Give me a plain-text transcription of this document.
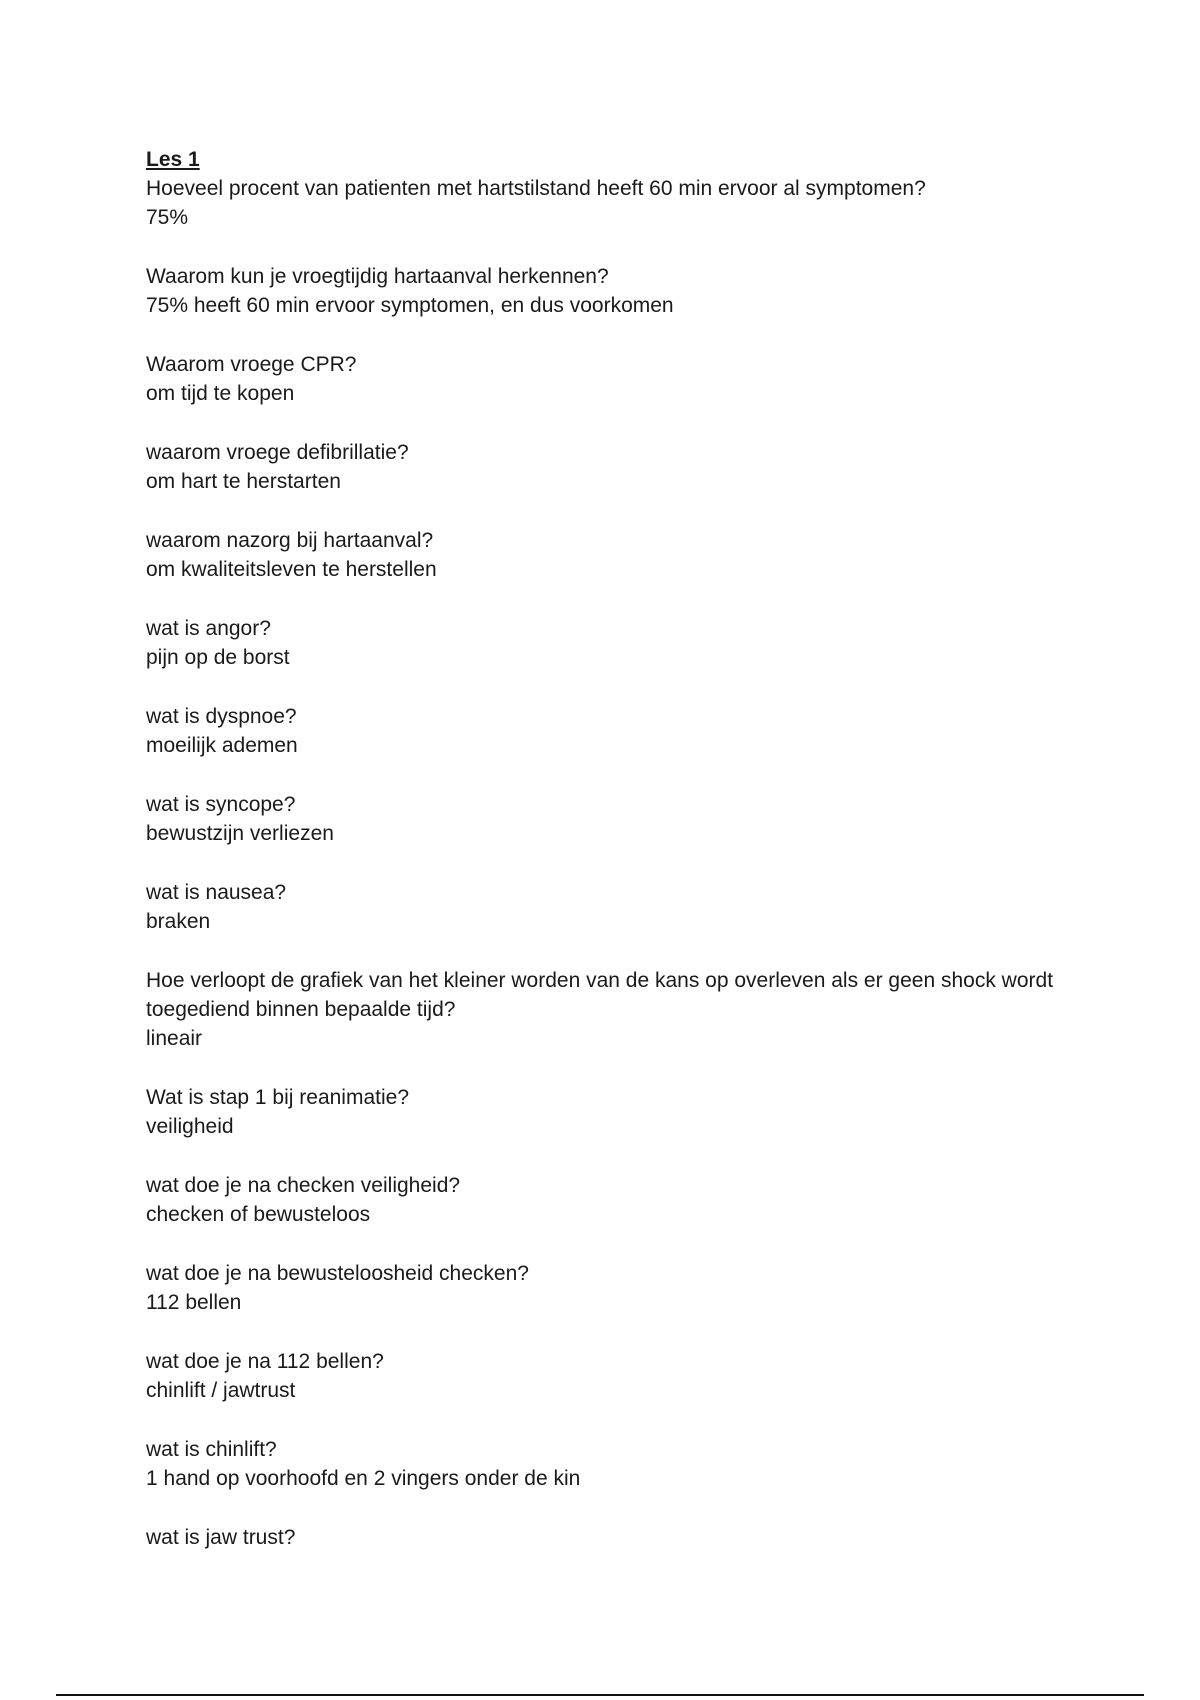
Les 1
Hoeveel procent van patienten met hartstilstand heeft 60 min ervoor al symptomen?
75%
Waarom kun je vroegtijdig hartaanval herkennen?
75% heeft 60 min ervoor symptomen, en dus voorkomen
Waarom vroege CPR?
om tijd te kopen
waarom vroege defibrillatie?
om hart te herstarten
waarom nazorg bij hartaanval?
om kwaliteitsleven te herstellen
wat is angor?
pijn op de borst
wat is dyspnoe?
moeilijk ademen
wat is syncope?
bewustzijn verliezen
wat is nausea?
braken
Hoe verloopt de grafiek van het kleiner worden van de kans op overleven als er geen shock wordt toegediend binnen bepaalde tijd?
lineair
Wat is stap 1 bij reanimatie?
veiligheid
wat doe je na checken veiligheid?
checken of bewusteloos
wat doe je na bewusteloosheid checken?
112 bellen
wat doe je na 112 bellen?
chinlift / jawtrust
wat is chinlift?
1 hand op voorhoofd en 2 vingers onder de kin
wat is jaw trust?
